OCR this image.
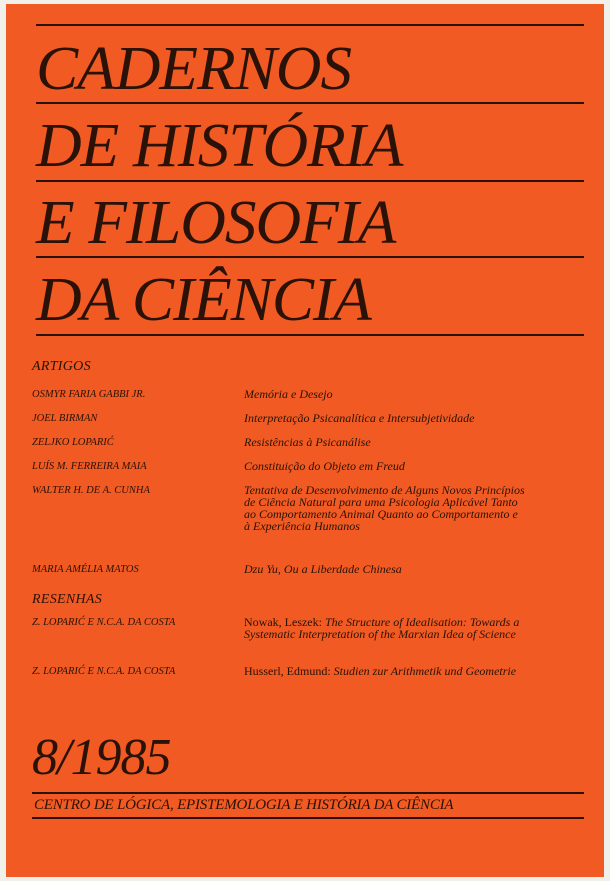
CADERNOS
DE HISTÓRIA
E FILOSOFIA
DA CIÊNCIA
ARTIGOS
OSMYR FARIA GABBI JR.	Memória e Desejo
JOEL BIRMAN	Interpretação Psicanalítica e Intersubjetividade
ZELJKO LOPARIĆ	Resistências à Psicanálise
LUÍS M. FERREIRA MAIA	Constituição do Objeto em Freud
WALTER H. DE A. CUNHA	Tentativa de Desenvolvimento de Alguns Novos Princípios de Ciência Natural para uma Psicologia Aplicável Tanto ao Comportamento Animal Quanto ao Comportamento e à Experiência Humanos
MARIA AMÉLIA MATOS	Dzu Yu, Ou a Liberdade Chinesa
RESENHAS
Z. LOPARIĆ E N.C.A. DA COSTA	Nowak, Leszek: The Structure of Idealisation: Towards a Systematic Interpretation of the Marxian Idea of Science
Z. LOPARIĆ E N.C.A. DA COSTA	Husserl, Edmund: Studien zur Arithmetik und Geometrie
8/1985
CENTRO DE LÓGICA, EPISTEMOLOGIA E HISTÓRIA DA CIÊNCIA
